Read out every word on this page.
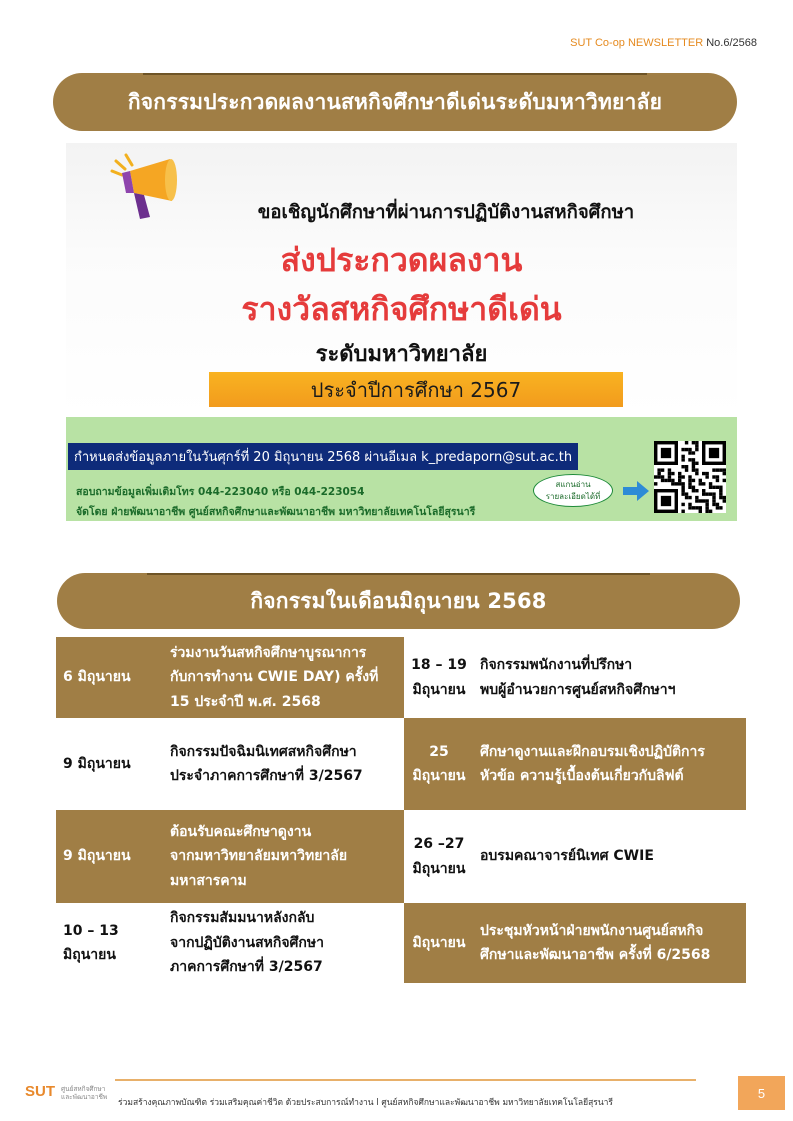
SUT Co-op NEWSLETTER No.6/2568
กิจกรรมประกวดผลงานสหกิจศึกษาดีเด่นระดับมหาวิทยาลัย
ขอเชิญนักศึกษาที่ผ่านการปฏิบัติงานสหกิจศึกษา
ส่งประกวดผลงาน
รางวัลสหกิจศึกษาดีเด่น
ระดับมหาวิทยาลัย
ประจำปีการศึกษา 2567
กำหนดส่งข้อมูลภายในวันศุกร์ที่ 20 มิถุนายน 2568 ผ่านอีเมล k_predaporn@sut.ac.th
สอบถามข้อมูลเพิ่มเติมโทร 044-223040 หรือ 044-223054
จัดโดย ฝ่ายพัฒนาอาชีพ ศูนย์สหกิจศึกษาและพัฒนาอาชีพ มหาวิทยาลัยเทคโนโลยีสุรนารี
สแกนอ่าน
รายละเอียดได้ที่
กิจกรรมในเดือนมิถุนายน 2568
6 มิถุนายน
ร่วมงานวันสหกิจศึกษาบูรณาการ
กับการทำงาน CWIE DAY) ครั้งที่
15 ประจำปี พ.ศ. 2568
18 – 19
มิถุนายน
กิจกรรมพนักงานที่ปรึกษา
พบผู้อำนวยการศูนย์สหกิจศึกษาฯ
9 มิถุนายน
กิจกรรมปัจฉิมนิเทศสหกิจศึกษา
ประจำภาคการศึกษาที่ 3/2567
25
มิถุนายน
ศึกษาดูงานและฝึกอบรมเชิงปฏิบัติการ
หัวข้อ ความรู้เบื้องต้นเกี่ยวกับลิฟต์
9 มิถุนายน
ต้อนรับคณะศึกษาดูงาน
จากมหาวิทยาลัยมหาวิทยาลัย
มหาสารคาม
26 –27
มิถุนายน
อบรมคณาจารย์นิเทศ CWIE
10 – 13
มิถุนายน
กิจกรรมสัมมนาหลังกลับ
จากปฏิบัติงานสหกิจศึกษา
ภาคการศึกษาที่ 3/2567
มิถุนายน
ประชุมหัวหน้าฝ่ายพนักงานศูนย์สหกิจ
ศึกษาและพัฒนาอาชีพ ครั้งที่ 6/2568
SUT ศูนย์สหกิจศึกษา
และพัฒนาอาชีพ
ร่วมสร้างคุณภาพบัณฑิต ร่วมเสริมคุณค่าชีวิต ด้วยประสบการณ์ทำงาน l ศูนย์สหกิจศึกษาและพัฒนาอาชีพ มหาวิทยาลัยเทคโนโลยีสุรนารี
5
